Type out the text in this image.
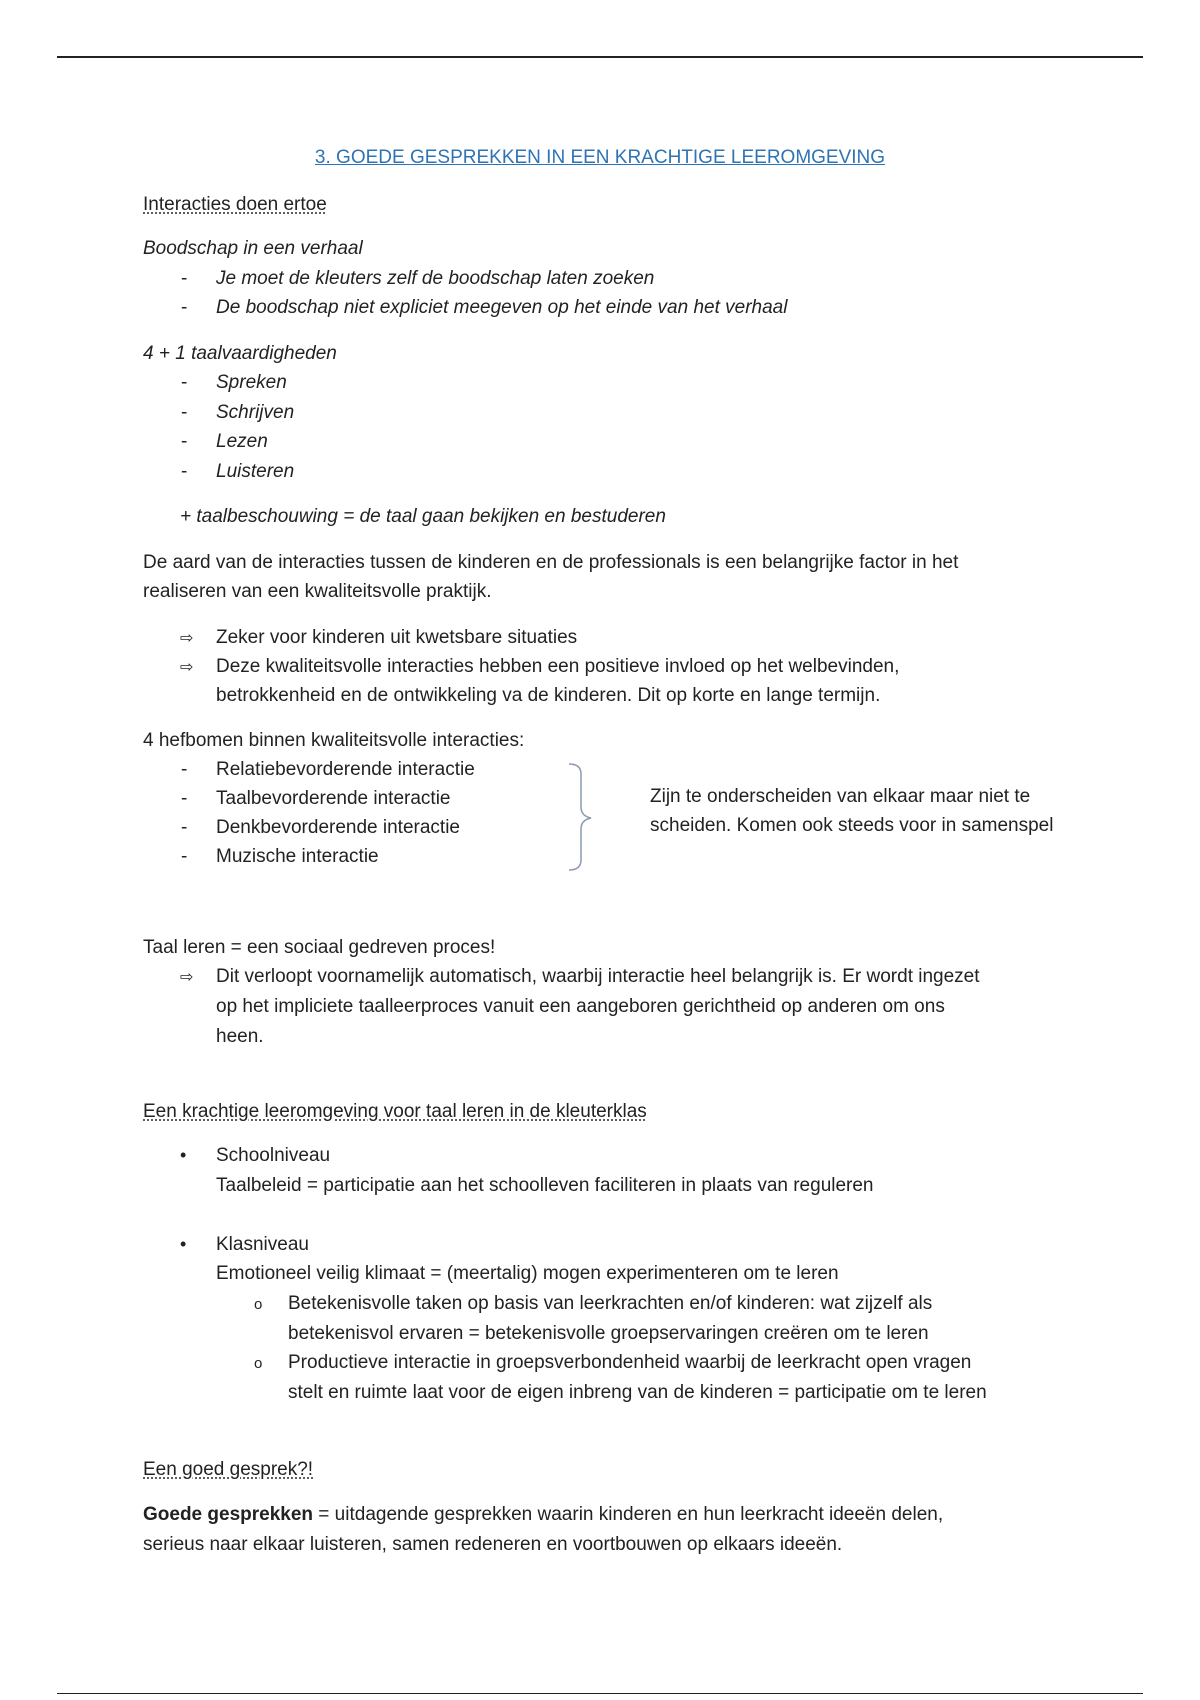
3. GOEDE GESPREKKEN IN EEN KRACHTIGE LEEROMGEVING
Interacties doen ertoe
Boodschap in een verhaal
- Je moet de kleuters zelf de boodschap laten zoeken
- De boodschap niet expliciet meegeven op het einde van het verhaal
4 + 1 taalvaardigheden
- Spreken
- Schrijven
- Lezen
- Luisteren
+ taalbeschouwing = de taal gaan bekijken en bestuderen
De aard van de interacties tussen de kinderen en de professionals is een belangrijke factor in het
realiseren van een kwaliteitsvolle praktijk.
⇨ Zeker voor kinderen uit kwetsbare situaties
⇨ Deze kwaliteitsvolle interacties hebben een positieve invloed op het welbevinden,
betrokkenheid en de ontwikkeling va de kinderen. Dit op korte en lange termijn.
4 hefbomen binnen kwaliteitsvolle interacties:
- Relatiebevorderende interactie
- Taalbevorderende interactie
- Denkbevorderende interactie
- Muzische interactie
Zijn te onderscheiden van elkaar maar niet te
scheiden. Komen ook steeds voor in samenspel
Taal leren = een sociaal gedreven proces!
⇨ Dit verloopt voornamelijk automatisch, waarbij interactie heel belangrijk is. Er wordt ingezet
op het impliciete taalleerproces vanuit een aangeboren gerichtheid op anderen om ons
heen.
Een krachtige leeromgeving voor taal leren in de kleuterklas
• Schoolniveau
Taalbeleid = participatie aan het schoolleven faciliteren in plaats van reguleren
• Klasniveau
Emotioneel veilig klimaat = (meertalig) mogen experimenteren om te leren
o Betekenisvolle taken op basis van leerkrachten en/of kinderen: wat zijzelf als
betekenisvol ervaren = betekenisvolle groepservaringen creëren om te leren
o Productieve interactie in groepsverbondenheid waarbij de leerkracht open vragen
stelt en ruimte laat voor de eigen inbreng van de kinderen = participatie om te leren
Een goed gesprek?!
Goede gesprekken = uitdagende gesprekken waarin kinderen en hun leerkracht ideeën delen,
serieus naar elkaar luisteren, samen redeneren en voortbouwen op elkaars ideeën.
